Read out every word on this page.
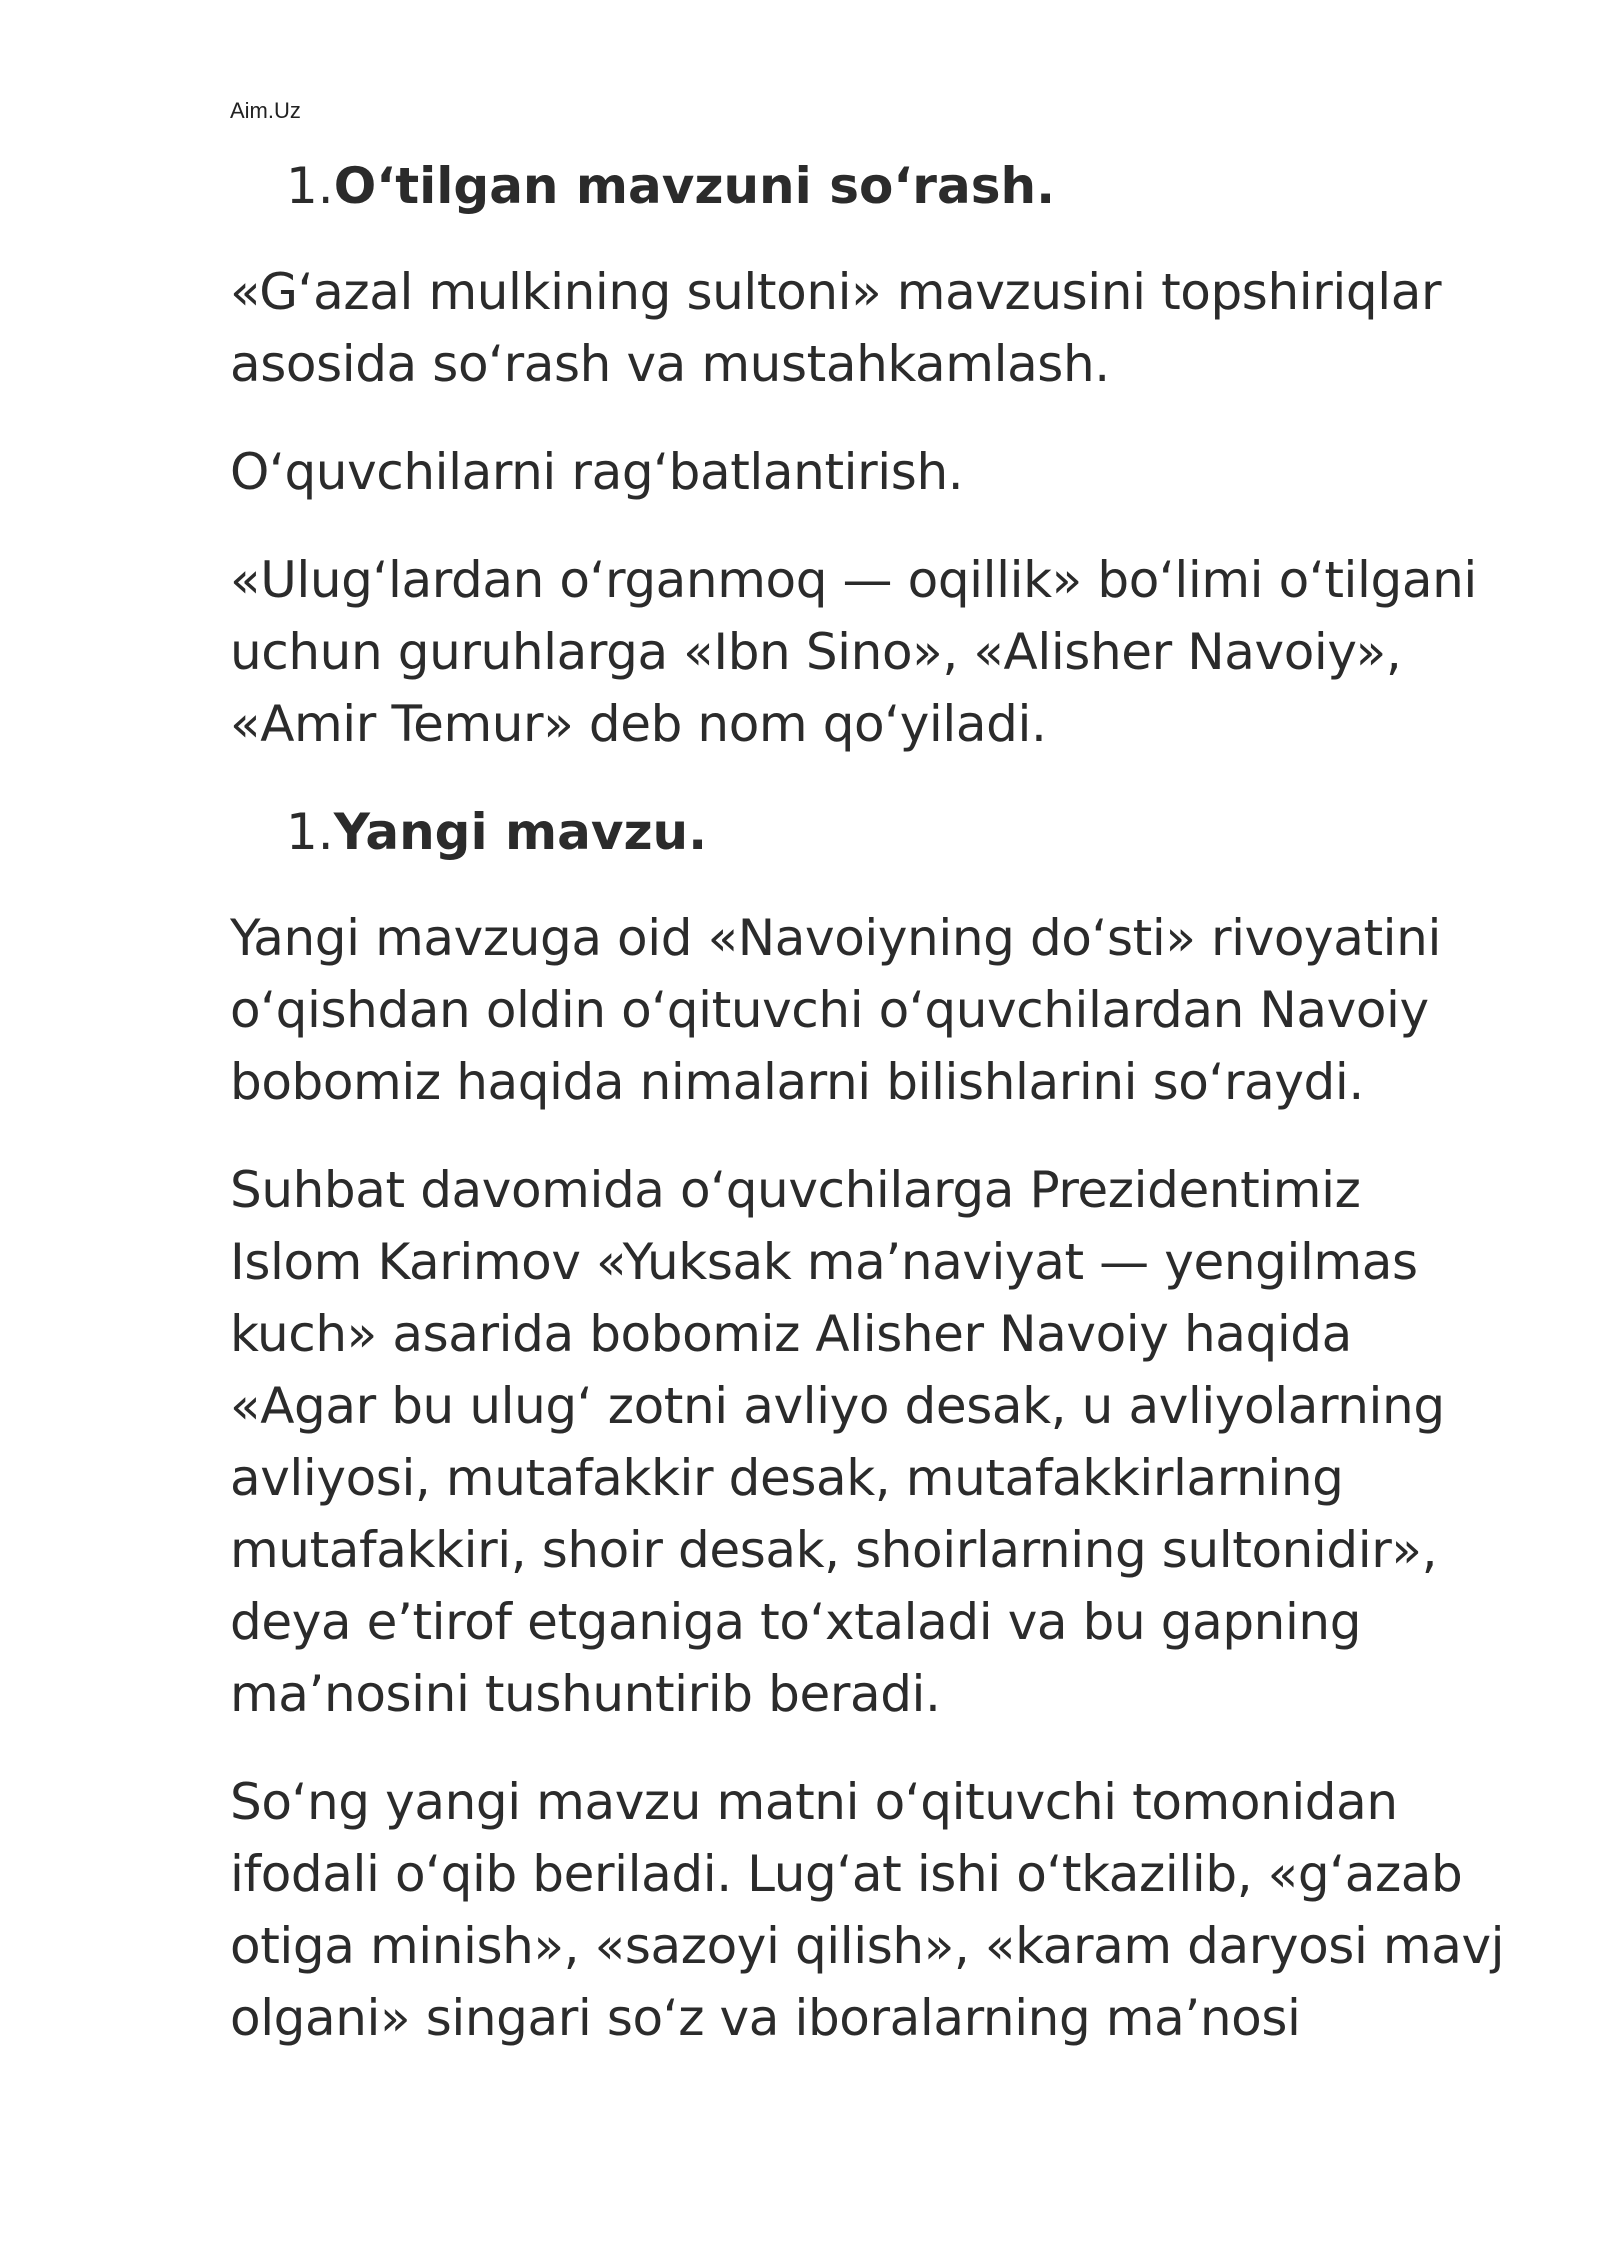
Aim.Uz
1.O‘tilgan mavzuni so‘rash.
«G‘azal mulkining sultoni» mavzusini topshiriqlar
asosida so‘rash va mustahkamlash.
O‘quvchilarni rag‘batlantirish.
«Ulug‘lardan o‘rganmoq — oqillik» bo‘limi o‘tilgani
uchun guruhlarga «Ibn Sino», «Alisher Navoiy»,
«Amir Temur» deb nom qo‘yiladi.
1.Yangi mavzu.
Yangi mavzuga oid «Navoiyning do‘sti» rivoyatini
o‘qishdan oldin o‘qituvchi o‘quvchilardan Navoiy
bobomiz haqida nimalarni bilishlarini so‘raydi.
Suhbat davomida o‘quvchilarga Prezidentimiz
Islom Karimov «Yuksak ma’naviyat — yengilmas
kuch» asarida bobomiz Alisher Navoiy haqida
«Agar bu ulug‘ zotni avliyo desak, u avliyolarning
avliyosi, mutafakkir desak, mutafakkirlarning
mutafakkiri, shoir desak, shoirlarning sultonidir»,
deya e’tirof etganiga to‘xtaladi va bu gapning
ma’nosini tushuntirib beradi.
So‘ng yangi mavzu matni o‘qituvchi tomonidan
ifodali o‘qib beriladi. Lug‘at ishi o‘tkazilib, «g‘azab
otiga minish», «sazoyi qilish», «karam daryosi mavj
olgani» singari so‘z va iboralarning ma’nosi
